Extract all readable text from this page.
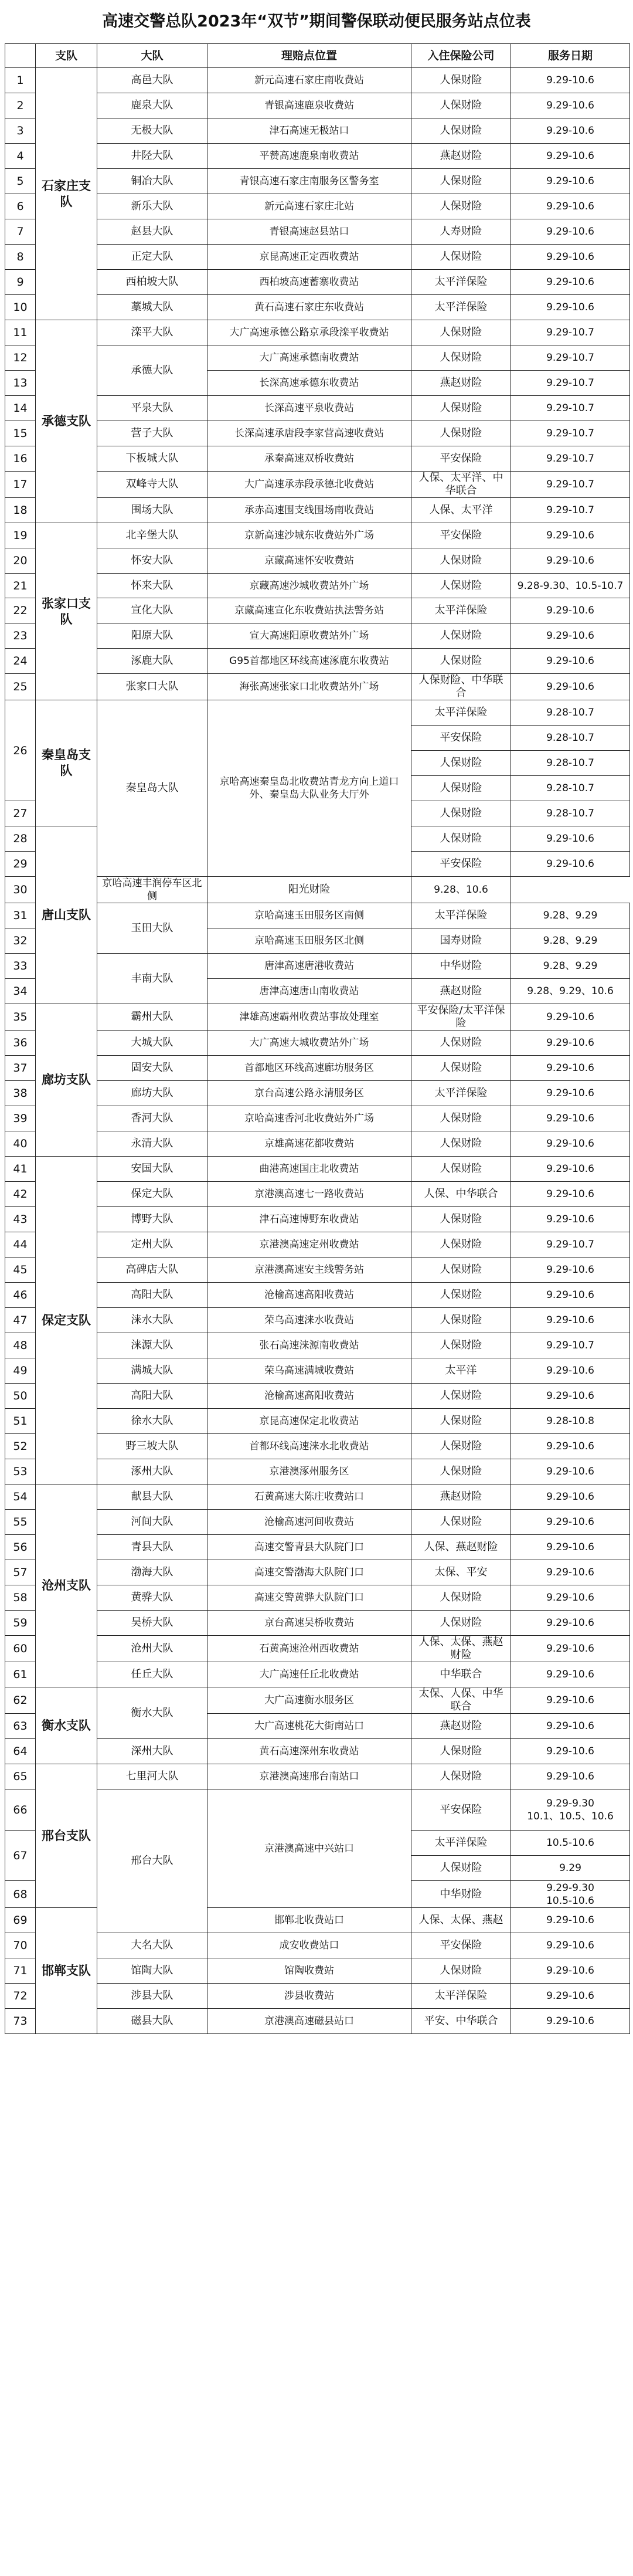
高速交警总队2023年“双节”期间警保联动便民服务站点位表
	支队	大队	理赔点位置	入住保险公司	服务日期
1	石家庄支队	高邑大队	新元高速石家庄南收费站	人保财险	9.29-10.6
2		鹿泉大队	青银高速鹿泉收费站	人保财险	9.29-10.6
3		无极大队	津石高速无极站口	人保财险	9.29-10.6
4		井陉大队	平赞高速鹿泉南收费站	燕赵财险	9.29-10.6
5		铜冶大队	青银高速石家庄南服务区警务室	人保财险	9.29-10.6
6		新乐大队	新元高速石家庄北站	人保财险	9.29-10.6
7		赵县大队	青银高速赵县站口	人寿财险	9.29-10.6
8		正定大队	京昆高速正定西收费站	人保财险	9.29-10.6
9		西柏坡大队	西柏坡高速蓄寨收费站	太平洋保险	9.29-10.6
10		藁城大队	黄石高速石家庄东收费站	太平洋保险	9.29-10.6
11	承德支队	滦平大队	大广高速承德公路京承段滦平收费站	人保财险	9.29-10.7
12		承德大队	大广高速承德南收费站	人保财险	9.29-10.7
13			长深高速承德东收费站	燕赵财险	9.29-10.7
14		平泉大队	长深高速平泉收费站	人保财险	9.29-10.7
15		营子大队	长深高速承唐段李家营高速收费站	人保财险	9.29-10.7
16		下板城大队	承秦高速双桥收费站	平安保险	9.29-10.7
17		双峰寺大队	大广高速承赤段承德北收费站	人保、太平洋、中华联合	9.29-10.7
18		围场大队	承赤高速围支线围场南收费站	人保、太平洋	9.29-10.7
19	张家口支队	北辛堡大队	京新高速沙城东收费站外广场	平安保险	9.29-10.6
20		怀安大队	京藏高速怀安收费站	人保财险	9.29-10.6
21		怀来大队	京藏高速沙城收费站外广场	人保财险	9.28-9.30、10.5-10.7
22		宣化大队	京藏高速宣化东收费站执法警务站	太平洋保险	9.29-10.6
23		阳原大队	宣大高速阳原收费站外广场	人保财险	9.29-10.6
24		涿鹿大队	G95首都地区环线高速涿鹿东收费站	人保财险	9.29-10.6
25		张家口大队	海张高速张家口北收费站外广场	人保财险、中华联合	9.29-10.6
26	秦皇岛支队	秦皇岛大队	京哈高速秦皇岛北收费站青龙方向上道口外、秦皇岛大队业务大厅外	太平洋保险	9.28-10.7
				平安保险	9.28-10.7
				人保财险	9.28-10.7
				人保财险	9.28-10.7
27				人保财险	9.28-10.7
28	唐山支队			人保财险	9.29-10.6
29				平安保险	9.29-10.6
30		京哈高速丰润停车区北侧	阳光财险	9.28、10.6	
31		玉田大队	京哈高速玉田服务区南侧	太平洋保险	9.28、9.29
32			京哈高速玉田服务区北侧	国寿财险	9.28、9.29
33		丰南大队	唐津高速唐港收费站	中华财险	9.28、9.29
34			唐津高速唐山南收费站	燕赵财险	9.28、9.29、10.6
35	廊坊支队	霸州大队	津雄高速霸州收费站事故处理室	平安保险/太平洋保险	9.29-10.6
36		大城大队	大广高速大城收费站外广场	人保财险	9.29-10.6
37		固安大队	首都地区环线高速廊坊服务区	人保财险	9.29-10.6
38		廊坊大队	京台高速公路永清服务区	太平洋保险	9.29-10.6
39		香河大队	京哈高速香河北收费站外广场	人保财险	9.29-10.6
40		永清大队	京雄高速花都收费站	人保财险	9.29-10.6
41	保定支队	安国大队	曲港高速国庄北收费站	人保财险	9.29-10.6
42		保定大队	京港澳高速七一路收费站	人保、中华联合	9.29-10.6
43		博野大队	津石高速博野东收费站	人保财险	9.29-10.6
44		定州大队	京港澳高速定州收费站	人保财险	9.29-10.7
45		高碑店大队	京港澳高速安主线警务站	人保财险	9.29-10.6
46		高阳大队	沧榆高速高阳收费站	人保财险	9.29-10.6
47		涞水大队	荣乌高速涞水收费站	人保财险	9.29-10.6
48		涞源大队	张石高速涞源南收费站	人保财险	9.29-10.7
49		满城大队	荣乌高速满城收费站	太平洋	9.29-10.6
50		高阳大队	沧榆高速高阳收费站	人保财险	9.29-10.6
51		徐水大队	京昆高速保定北收费站	人保财险	9.28-10.8
52		野三坡大队	首都环线高速涞水北收费站	人保财险	9.29-10.6
53		涿州大队	京港澳涿州服务区	人保财险	9.29-10.6
54	沧州支队	献县大队	石黄高速大陈庄收费站口	燕赵财险	9.29-10.6
55		河间大队	沧榆高速河间收费站	人保财险	9.29-10.6
56		青县大队	高速交警青县大队院门口	人保、燕赵财险	9.29-10.6
57		渤海大队	高速交警渤海大队院门口	太保、平安	9.29-10.6
58		黄骅大队	高速交警黄骅大队院门口	人保财险	9.29-10.6
59		吴桥大队	京台高速吴桥收费站	人保财险	9.29-10.6
60		沧州大队	石黄高速沧州西收费站	人保、太保、燕赵财险	9.29-10.6
61		任丘大队	大广高速任丘北收费站	中华联合	9.29-10.6
62	衡水支队	衡水大队	大广高速衡水服务区	太保、人保、中华联合	9.29-10.6
63			大广高速桃花大街南站口	燕赵财险	9.29-10.6
64		深州大队	黄石高速深州东收费站	人保财险	9.29-10.6
65	邢台支队	七里河大队	京港澳高速邢台南站口	人保财险	9.29-10.6
66		邢台大队	京港澳高速中兴站口	平安保险	9.29-9.30
10.1、10.5、10.6
67				太平洋保险	10.5-10.6
				人保财险	9.29
68				中华财险	9.29-9.30
10.5-10.6
69	邯郸支队		邯郸北收费站口	人保、太保、燕赵	9.29-10.6
70		大名大队	成安收费站口	平安保险	9.29-10.6
71		馆陶大队	馆陶收费站	人保财险	9.29-10.6
72		涉县大队	涉县收费站	太平洋保险	9.29-10.6
73		磁县大队	京港澳高速磁县站口	平安、中华联合	9.29-10.6
